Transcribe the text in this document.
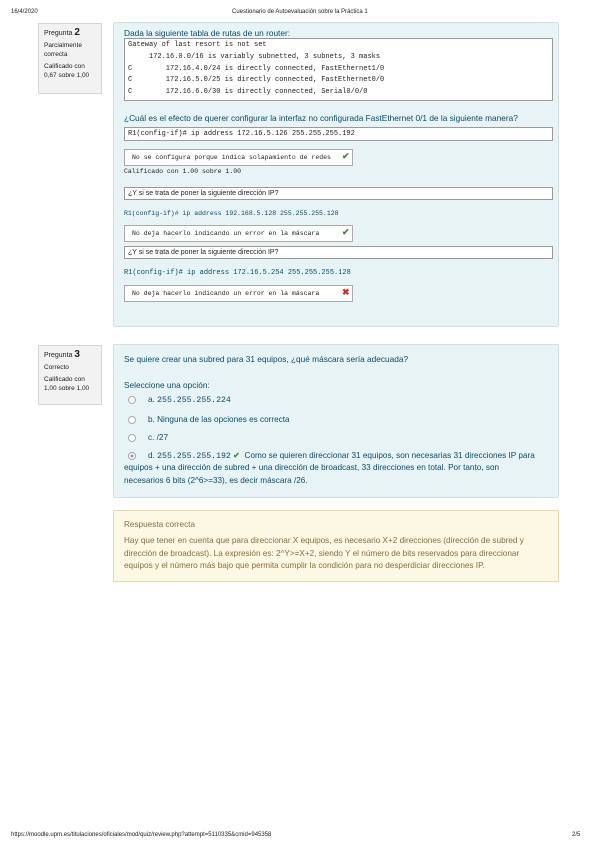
16/4/2020	Cuestionario de Autoevaluación sobre la Práctica 1
Pregunta 2
Parcialmente correcta
Calificado con 0,67 sobre 1,00
Dada la siguiente tabla de rutas de un router:
Gateway of last resort is not set
172.16.0.0/16 is variably subnetted, 3 subnets, 3 masks
C        172.16.4.0/24 is directly connected, FastEthernet1/0
C        172.16.5.0/25 is directly connected, FastEthernet0/0
C        172.16.6.0/30 is directly connected, Serial0/0/0
¿Cuál es el efecto de querer configurar la interfaz no configurada FastEthernet 0/1 de la siguiente manera?
R1(config-if)# ip address 172.16.5.126 255.255.255.192
No se configura porque indica solapamiento de redes	✔
Calificado con 1.00 sobre 1.00
¿Y si se trata de poner la siguiente dirección IP?
R1(config-if)# ip address 192.168.5.128 255.255.255.128
No deja hacerlo indicando un error en la máscara	✔
¿Y si se trata de poner la siguiente dirección IP?
R1(config-if)# ip address 172.16.5.254 255.255.255.128
No deja hacerlo indicando un error en la máscara	✖
Pregunta 3
Correcto
Calificado con 1,00 sobre 1,00
Se quiere crear una subred para 31 equipos, ¿qué máscara sería adecuada?
Seleccione una opción:
a. 255.255.255.224
b. Ninguna de las opciones es correcta
c. /27
d. 255.255.255.192 ✔ Como se quieren direccionar 31 equipos, son necesarias 31 direcciones IP para
equipos + una dirección de subred + una dirección de broadcast, 33 direcciones en total. Por tanto, son
necesarios 6 bits (2^6>=33), es decir máscara /26.
Respuesta correcta
Hay que tener en cuenta que para direccionar X equipos, es necesario X+2 direcciones (dirección de subred y dirección de broadcast). La expresión es: 2^Y>=X+2, siendo Y el número de bits reservados para direccionar equipos y el número más bajo que permita cumplir la condición para no desperdiciar direcciones IP.
https://moodle.upm.es/titulaciones/oficiales/mod/quiz/review.php?attempt=5110335&cmid=945358	2/5
